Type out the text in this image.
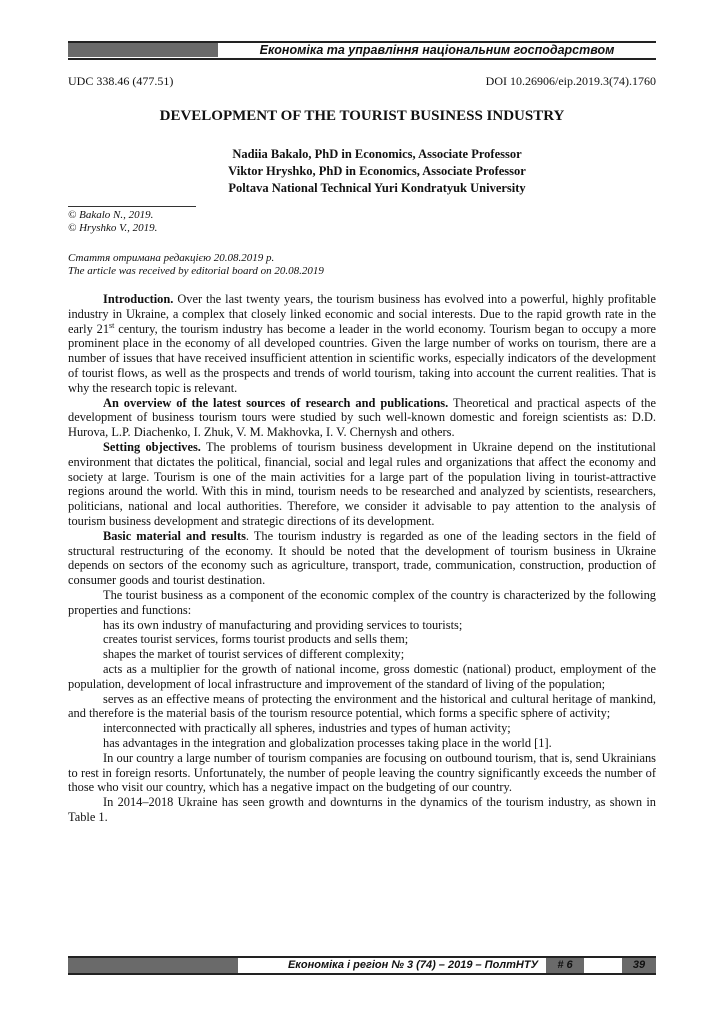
Економіка та управління національним господарством
UDC 338.46 (477.51)	DOI 10.26906/eip.2019.3(74).1760
DEVELOPMENT OF THE TOURIST BUSINESS INDUSTRY
Nadiia Bakalo, PhD in Economics, Associate Professor
Viktor Hryshko, PhD in Economics, Associate Professor
Poltava National Technical Yuri Kondratyuk University
© Bakalo N., 2019.
© Hryshko V., 2019.
Стаття отримана редакцією 20.08.2019 р.
The article was received by editorial board on 20.08.2019

Introduction. Over the last twenty years, the tourism business has evolved into a powerful, highly profitable industry in Ukraine, a complex that closely linked economic and social interests. Due to the rapid growth rate in the early 21st century, the tourism industry has become a leader in the world economy. Tourism began to occupy a more prominent place in the economy of all developed countries. Given the large number of works on tourism, there are a number of issues that have received insufficient attention in scientific works, especially indicators of the development of tourist flows, as well as the prospects and trends of world tourism, taking into account the current realities. That is why the research topic is relevant.

An overview of the latest sources of research and publications. Theoretical and practical aspects of the development of business tourism tours were studied by such well-known domestic and foreign scientists as: D.D. Hurova, L.P. Diachenko, I. Zhuk, V. M. Makhovka, I. V. Chernysh and others.

Setting objectives. The problems of tourism business development in Ukraine depend on the institutional environment that dictates the political, financial, social and legal rules and organizations that affect the economy and society at large. Tourism is one of the main activities for a large part of the population living in tourist-attractive regions around the world. With this in mind, tourism needs to be researched and analyzed by scientists, researchers, politicians, national and local authorities. Therefore, we consider it advisable to pay attention to the analysis of tourism business development and strategic directions of its development.

Basic material and results. The tourism industry is regarded as one of the leading sectors in the field of structural restructuring of the economy. It should be noted that the development of tourism business in Ukraine depends on sectors of the economy such as agriculture, transport, trade, communication, construction, production of consumer goods and tourist destination.

The tourist business as a component of the economic complex of the country is characterized by the following properties and functions:

has its own industry of manufacturing and providing services to tourists;

creates tourist services, forms tourist products and sells them;

shapes the market of tourist services of different complexity;

acts as a multiplier for the growth of national income, gross domestic (national) product, employment of the population, development of local infrastructure and improvement of the standard of living of the population;

serves as an effective means of protecting the environment and the historical and cultural heritage of mankind, and therefore is the material basis of the tourism resource potential, which forms a specific sphere of activity;

interconnected with practically all spheres, industries and types of human activity;

has advantages in the integration and globalization processes taking place in the world [1].

In our country a large number of tourism companies are focusing on outbound tourism, that is, send Ukrainians to rest in foreign resorts. Unfortunately, the number of people leaving the country significantly exceeds the number of those who visit our country, which has a negative impact on the budgeting of our country.

In 2014–2018 Ukraine has seen growth and downturns in the dynamics of the tourism industry, as shown in Table 1.

Економіка і регіон № 3 (74) – 2019 – ПолтНТУ	# 6	39
